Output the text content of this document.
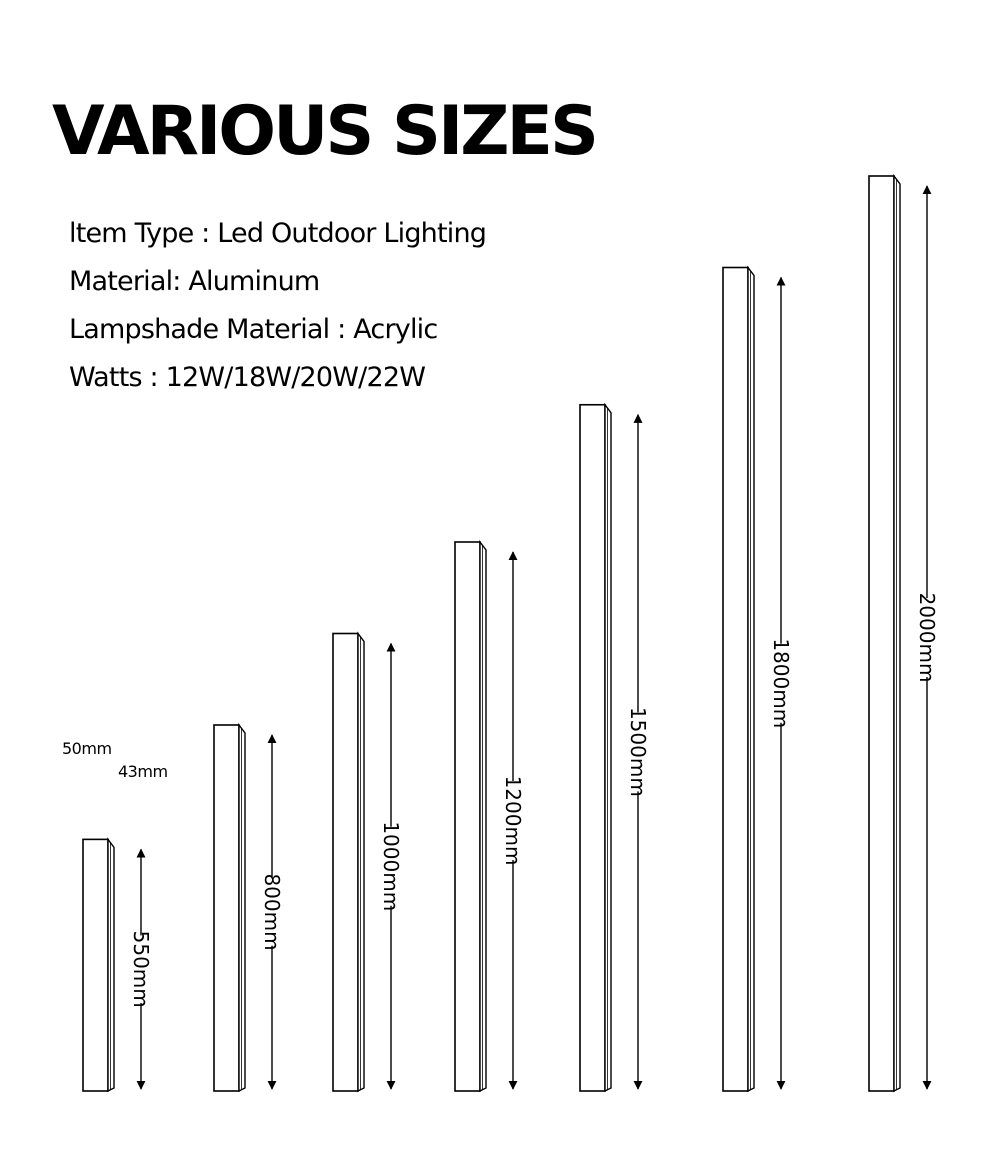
VARIOUS SIZES
ltem Type : Led Outdoor Lighting
Material: Aluminum
Lampshade Material : Acrylic
Watts : 12W/18W/20W/22W
550mm
800mm
1000mm
1200mm
1500mm
1800mm
2000mm
50mm
43mm
